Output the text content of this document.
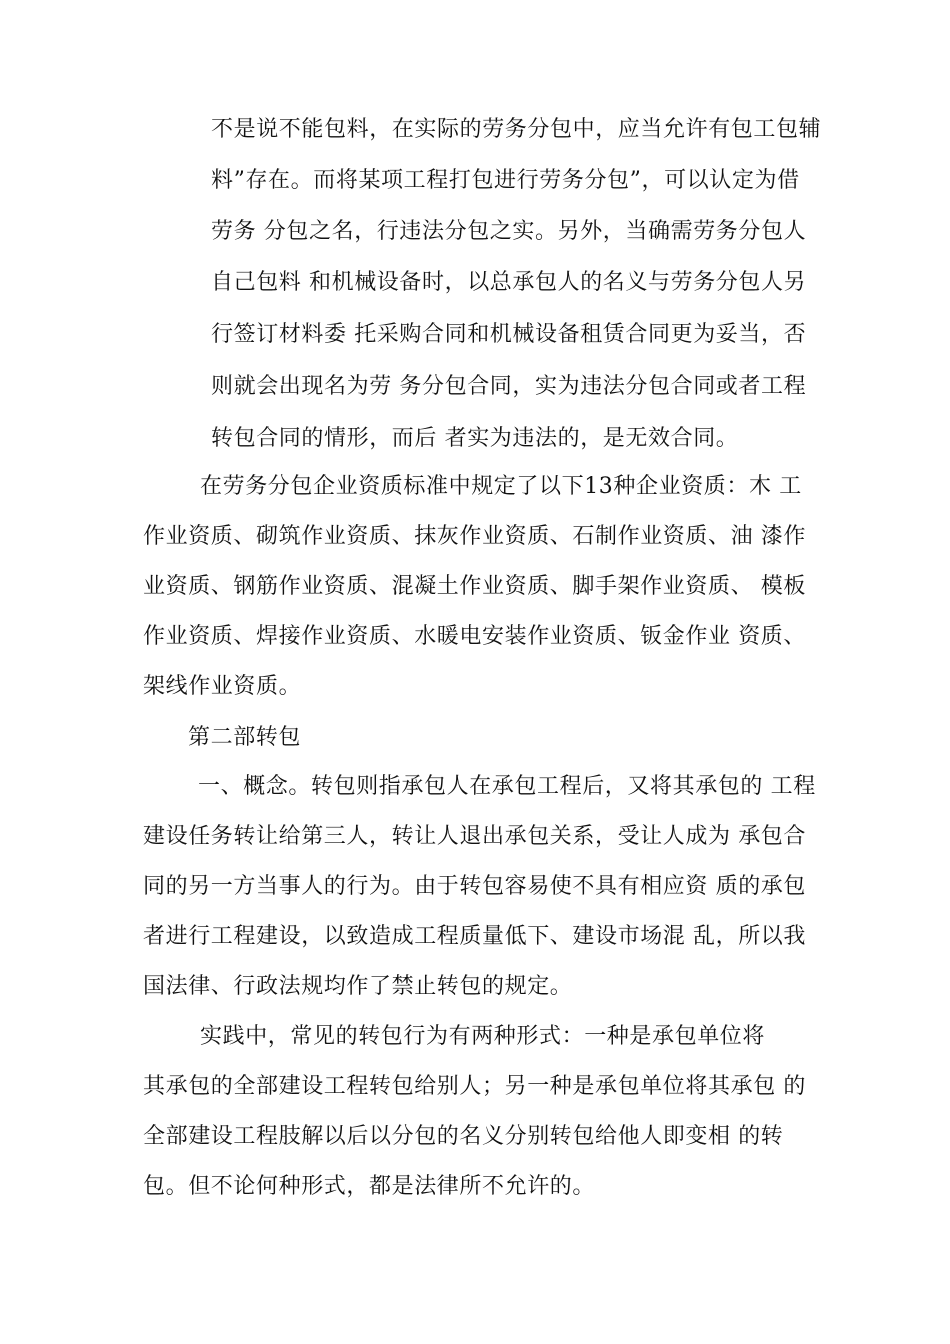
不是说不能包料，在实际的劳务分包中，应当允许有包工包辅
料”存在。而将某项工程打包进行劳务分包”，可以认定为借
劳务 分包之名，行违法分包之实。另外，当确需劳务分包人
自己包料 和机械设备时，以总承包人的名义与劳务分包人另
行签订材料委 托采购合同和机械设备租赁合同更为妥当，否
则就会出现名为劳 务分包合同，实为违法分包合同或者工程
转包合同的情形，而后 者实为违法的，是无效合同。
在劳务分包企业资质标准中规定了以下13种企业资质：木 工
作业资质、砌筑作业资质、抹灰作业资质、石制作业资质、油 漆作
业资质、钢筋作业资质、混凝土作业资质、脚手架作业资质、 模板
作业资质、焊接作业资质、水暖电安装作业资质、钣金作业 资质、
架线作业资质。
第二部转包
一、概念。转包则指承包人在承包工程后，又将其承包的 工程
建设任务转让给第三人，转让人退出承包关系，受让人成为 承包合
同的另一方当事人的行为。由于转包容易使不具有相应资 质的承包
者进行工程建设，以致造成工程质量低下、建设市场混 乱，所以我
国法律、行政法规均作了禁止转包的规定。
实践中，常见的转包行为有两种形式：一种是承包单位将
其承包的全部建设工程转包给别人；另一种是承包单位将其承包 的
全部建设工程肢解以后以分包的名义分别转包给他人即变相 的转
包。但不论何种形式，都是法律所不允许的。
